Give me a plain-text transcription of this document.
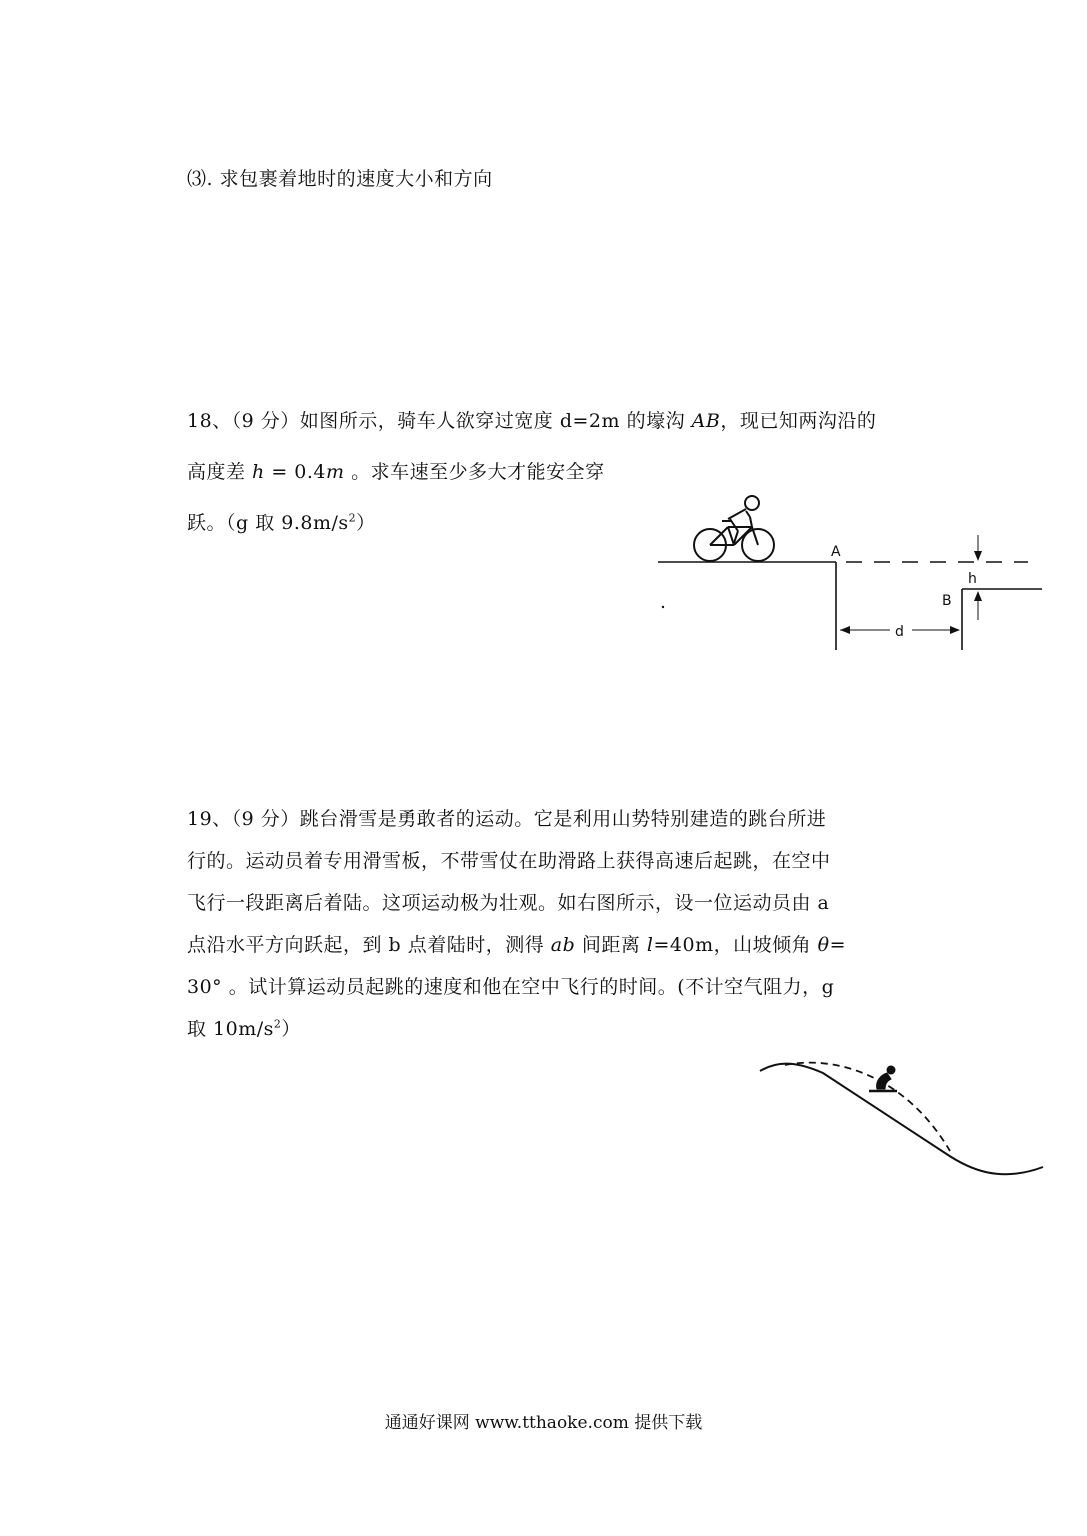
⑶. 求包裹着地时的速度大小和方向
18、（9 分）如图所示，骑车人欲穿过宽度 d=2m 的壕沟 AB，现已知两沟沿的
高度差 h = 0.4m 。求车速至少多大才能安全穿
跃。（g 取 $9.8m/s^2$）
A
B
h
d
19、（9 分）跳台滑雪是勇敢者的运动。它是利用山势特别建造的跳台所进
行的。运动员着专用滑雪板，不带雪仗在助滑路上获得高速后起跳，在空中
飞行一段距离后着陆。这项运动极为壮观。如右图所示，设一位运动员由 a
点沿水平方向跃起，到 b 点着陆时，测得 ab 间距离 l=40m，山坡倾角 θ=
30° 。试计算运动员起跳的速度和他在空中飞行的时间。(不计空气阻力，g
取 $10m/s^2$）
通通好课网 www.tthaoke.com 提供下载
